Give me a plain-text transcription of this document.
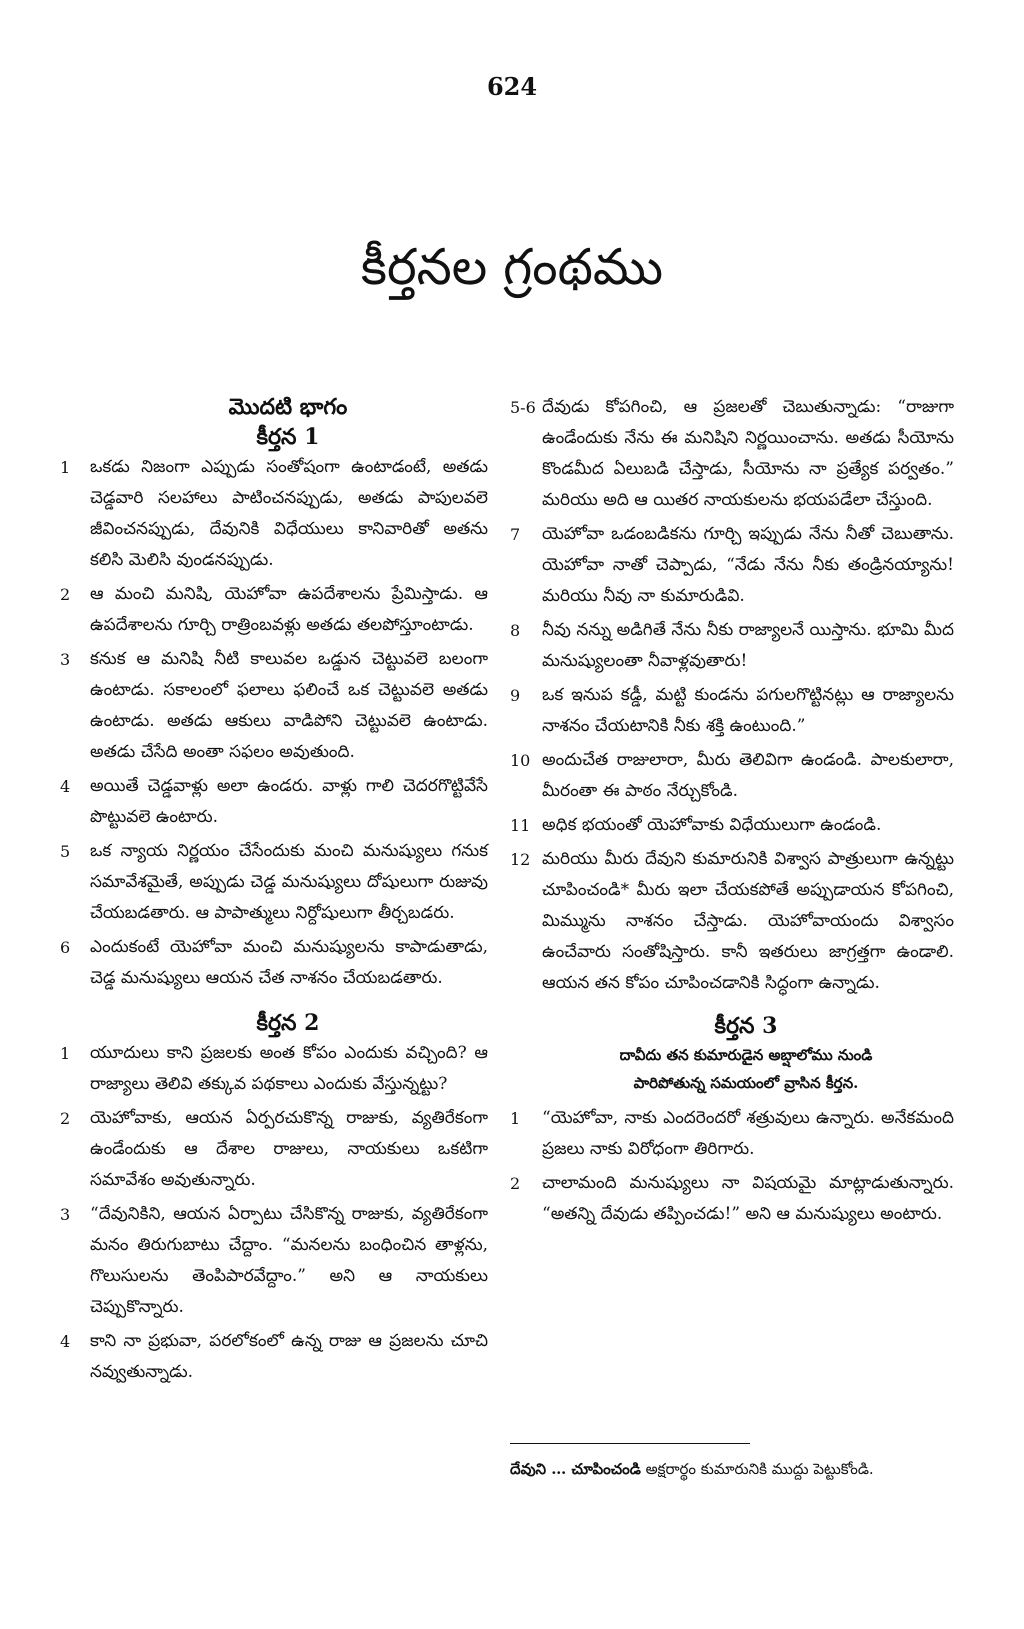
624
కీర్తనల గ్రంథము
మొదటి భాగం
కీర్తన 1
1	ఒకడు నిజంగా ఎప్పుడు సంతోషంగా ఉంటాడంటే, అతడు చెడ్డవారి సలహాలు పాటించనప్పుడు, అతడు పాపులవలె జీవించనప్పుడు, దేవునికి విధేయులు కానివారితో అతను కలిసి మెలిసి వుండనప్పుడు.
2	ఆ మంచి మనిషి, యెహోవా ఉపదేశాలను ప్రేమిస్తాడు. ఆ ఉపదేశాలను గూర్చి రాత్రింబవళ్లు అతడు తలపోస్తూంటాడు.
3	కనుక ఆ మనిషి నీటి కాలువల ఒడ్డున చెట్టువలె బలంగా ఉంటాడు. సకాలంలో ఫలాలు ఫలించే ఒక చెట్టువలె అతడు ఉంటాడు. అతడు ఆకులు వాడిపోని చెట్టువలె ఉంటాడు. అతడు చేసేది అంతా సఫలం అవుతుంది.
4	అయితే చెడ్డవాళ్లు అలా ఉండరు. వాళ్లు గాలి చెదరగొట్టివేసే పొట్టువలె ఉంటారు.
5	ఒక న్యాయ నిర్ణయం చేసేందుకు మంచి మనుష్యులు గనుక సమావేశమైతే, అప్పుడు చెడ్డ మనుష్యులు దోషులుగా రుజువు చేయబడతారు. ఆ పాపాత్ములు నిర్దోషులుగా తీర్చబడరు.
6	ఎందుకంటే యెహోవా మంచి మనుష్యులను కాపాడుతాడు, చెడ్డ మనుష్యులు ఆయన చేత నాశనం చేయబడతారు.
కీర్తన 2
1	యూదులు కాని ప్రజలకు అంత కోపం ఎందుకు వచ్చింది? ఆ రాజ్యాలు తెలివి తక్కువ పథకాలు ఎందుకు వేస్తున్నట్టు?
2	యెహోవాకు, ఆయన ఏర్పరచుకొన్న రాజుకు, వ్యతిరేకంగా ఉండేందుకు ఆ దేశాల రాజులు, నాయకులు ఒకటిగా సమావేశం అవుతున్నారు.
3	“దేవునికిని, ఆయన ఏర్పాటు చేసికొన్న రాజుకు, వ్యతిరేకంగా మనం తిరుగుబాటు చేద్దాం. “మనలను బంధించిన తాళ్లను, గొలుసులను తెంపిపారవేద్దాం.” అని ఆ నాయకులు చెప్పుకొన్నారు.
4	కాని నా ప్రభువా, పరలోకంలో ఉన్న రాజు ఆ ప్రజలను చూచి నవ్వుతున్నాడు.
5-6 దేవుడు కోపగించి, ఆ ప్రజలతో చెబుతున్నాడు: “రాజుగా ఉండేందుకు నేను ఈ మనిషిని నిర్ణయించాను. అతడు సీయోను కొండమీద ఏలుబడి చేస్తాడు, సీయోను నా ప్రత్యేక పర్వతం.” మరియు అది ఆ యితర నాయకులను భయపడేలా చేస్తుంది.
7	యెహోవా ఒడంబడికను గూర్చి ఇప్పుడు నేను నీతో చెబుతాను. యెహోవా నాతో చెప్పాడు, “నేడు నేను నీకు తండ్రినయ్యాను! మరియు నీవు నా కుమారుడివి.
8	నీవు నన్ను అడిగితే నేను నీకు రాజ్యాలనే యిస్తాను. భూమి మీద మనుష్యులంతా నీవాళ్లవుతారు!
9	ఒక ఇనుప కడ్డీ, మట్టి కుండను పగులగొట్టినట్లు ఆ రాజ్యాలను నాశనం చేయటానికి నీకు శక్తి ఉంటుంది.”
10 అందుచేత రాజులారా, మీరు తెలివిగా ఉండండి. పాలకులారా, మీరంతా ఈ పాఠం నేర్చుకోండి.
11 అధిక భయంతో యెహోవాకు విధేయులుగా ఉండండి.
12 మరియు మీరు దేవుని కుమారునికి విశ్వాస పాత్రులుగా ఉన్నట్టు చూపించండి* మీరు ఇలా చేయకపోతే అప్పుడాయన కోపగించి, మిమ్మును నాశనం చేస్తాడు. యెహోవాయందు విశ్వాసం ఉంచేవారు సంతోషిస్తారు. కానీ ఇతరులు జాగ్రత్తగా ఉండాలి. ఆయన తన కోపం చూపించడానికి సిద్ధంగా ఉన్నాడు.
కీర్తన 3
దావీదు తన కుమారుడైన అబ్షాలోము నుండి
పారిపోతున్న సమయంలో వ్రాసిన కీర్తన.
1	“యెహోవా, నాకు ఎందరెందరో శత్రువులు ఉన్నారు. అనేకమంది ప్రజలు నాకు విరోధంగా తిరిగారు.
2	చాలామంది మనుష్యులు నా విషయమై మాట్లాడుతున్నారు. “అతన్ని దేవుడు తప్పించడు!” అని ఆ మనుష్యులు అంటారు.
దేవుని … చూపించండి అక్షరార్థం కుమారునికి ముద్దు పెట్టుకోండి.
